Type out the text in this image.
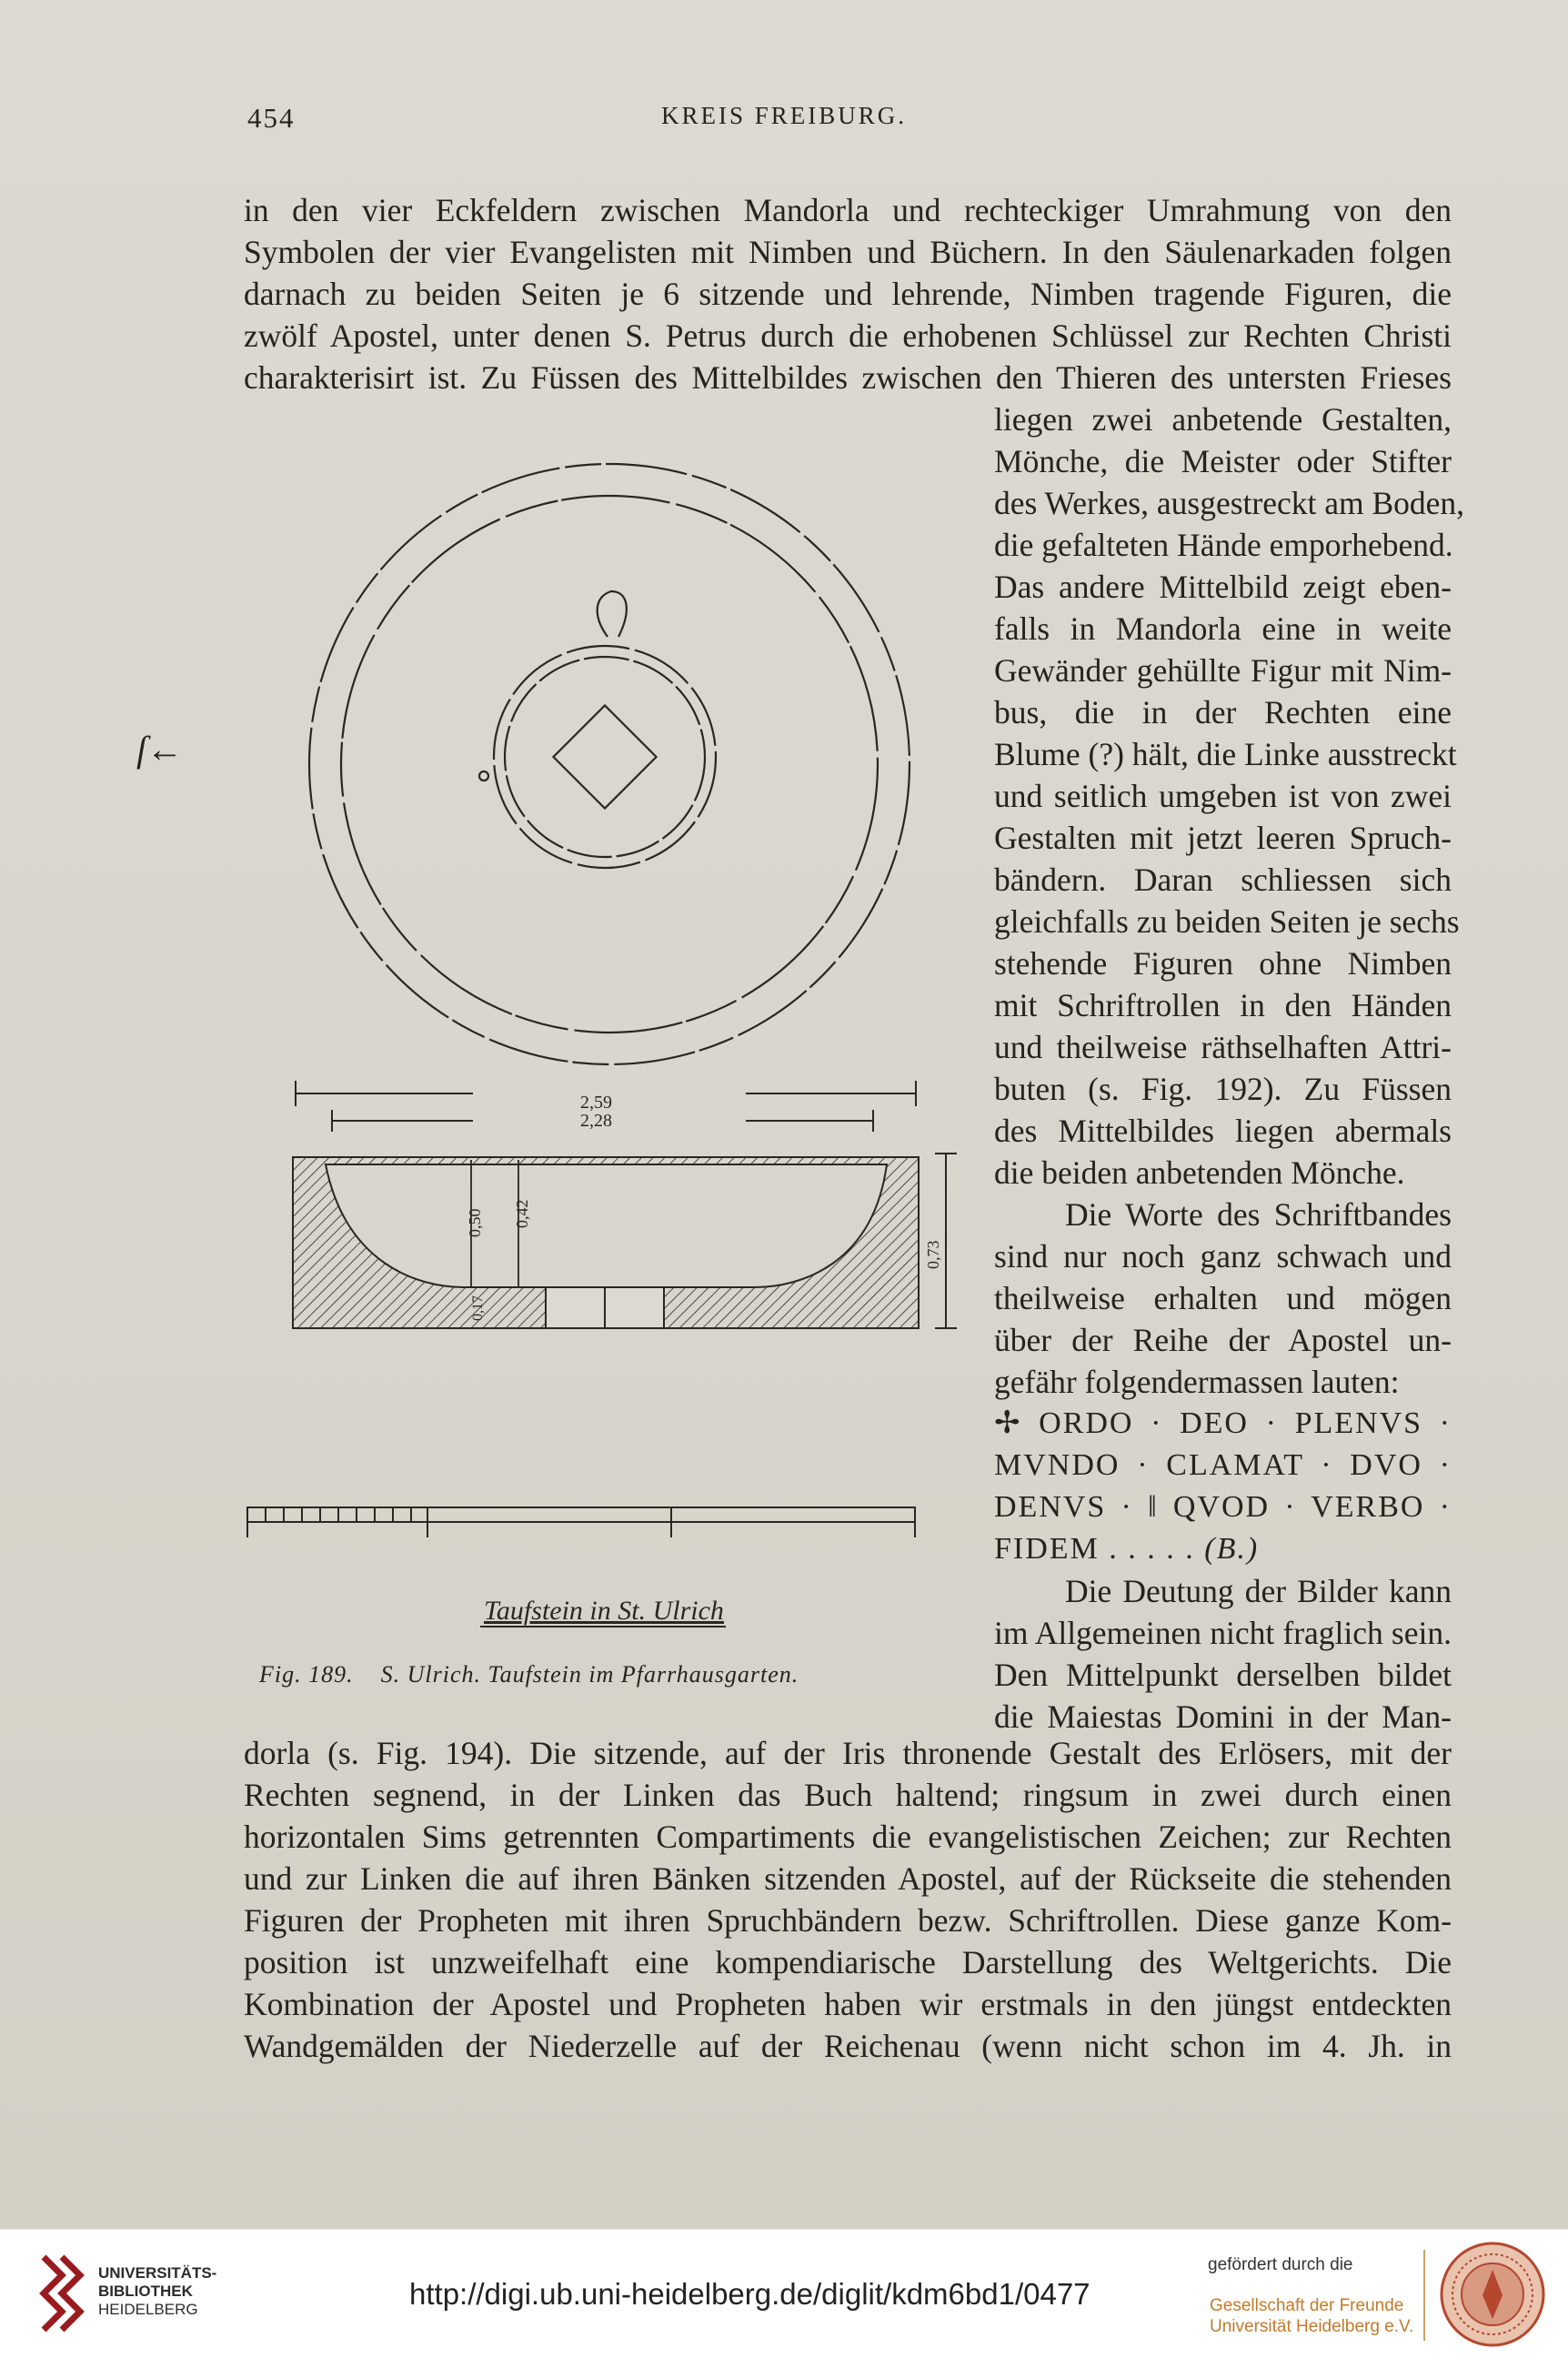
454	KREIS FREIBURG.
in den vier Eckfeldern zwischen Mandorla und rechteckiger Umrahmung von den
Symbolen der vier Evangelisten mit Nimben und Büchern. In den Säulenarkaden folgen
darnach zu beiden Seiten je 6 sitzende und lehrende, Nimben tragende Figuren, die
zwölf Apostel, unter denen S. Petrus durch die erhobenen Schlüssel zur Rechten Christi
charakterisirt ist. Zu Füssen des Mittelbildes zwischen den Thieren des untersten Frieses
liegen zwei anbetende Gestalten,
Mönche, die Meister oder Stifter
des Werkes, ausgestreckt am Boden,
die gefalteten Hände emporhebend.
Das andere Mittelbild zeigt eben-
falls in Mandorla eine in weite
Gewänder gehüllte Figur mit Nim-
bus, die in der Rechten eine
Blume (?) hält, die Linke ausstreckt
und seitlich umgeben ist von zwei
Gestalten mit jetzt leeren Spruch-
bändern. Daran schliessen sich
gleichfalls zu beiden Seiten je sechs
stehende Figuren ohne Nimben
mit Schriftrollen in den Händen
und theilweise räthselhaften Attri-
buten (s. Fig. 192). Zu Füssen
des Mittelbildes liegen abermals
die beiden anbetenden Mönche.
Die Worte des Schriftbandes
sind nur noch ganz schwach und
theilweise erhalten und mögen
über der Reihe der Apostel un-
gefähr folgendermassen lauten:
✢ ORDO · DEO · PLENVS ·
MVNDO · CLAMAT · DVO ·
DENVS · ‖ QVOD · VERBO ·
FIDEM . . . . . (B.)
Die Deutung der Bilder kann
im Allgemeinen nicht fraglich sein.
Den Mittelpunkt derselben bildet
die Maiestas Domini in der Man-
dorla (s. Fig. 194). Die sitzende, auf der Iris thronende Gestalt des Erlösers, mit der
Rechten segnend, in der Linken das Buch haltend; ringsum in zwei durch einen
horizontalen Sims getrennten Compartiments die evangelistischen Zeichen; zur Rechten
und zur Linken die auf ihren Bänken sitzenden Apostel, auf der Rückseite die stehenden
Figuren der Propheten mit ihren Spruchbändern bezw. Schriftrollen. Diese ganze Kom-
position ist unzweifelhaft eine kompendiarische Darstellung des Weltgerichts. Die
Kombination der Apostel und Propheten haben wir erstmals in den jüngst entdeckten
Wandgemälden der Niederzelle auf der Reichenau (wenn nicht schon im 4. Jh. in
ſ←
2,59
2,28
0,50 0,42
0,17
0,73
Taufstein in St. Ulrich
Fig. 189. S. Ulrich. Taufstein im Pfarrhausgarten.
UNIVERSITÄTS-
BIBLIOTHEK
HEIDELBERG	http://digi.ub.uni-heidelberg.de/diglit/kdm6bd1/0477
gefördert durch die
Gesellschaft der Freunde
Universität Heidelberg e.V.
